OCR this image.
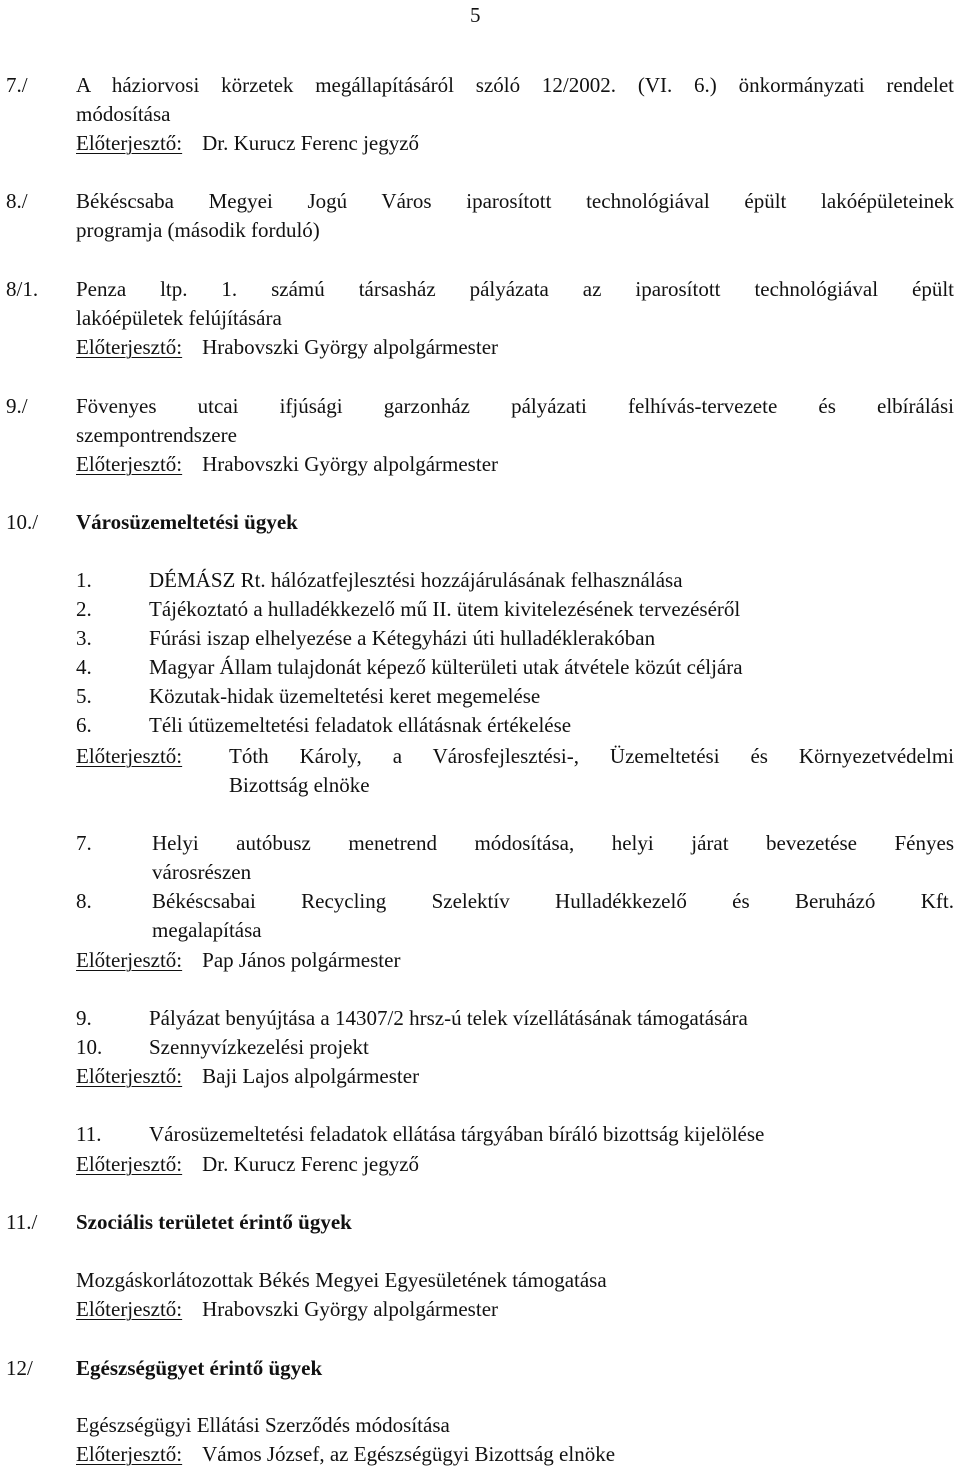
5
7./ A háziorvosi körzetek megállapításáról szóló 12/2002. (VI. 6.) önkormányzati rendelet
módosítása
Előterjesztő: Dr. Kurucz Ferenc jegyző
8./ Békéscsaba Megyei Jogú Város iparosított technológiával épült lakóépületeinek
programja (második forduló)
8/1. Penza ltp. 1. számú társasház pályázata az iparosított technológiával épült
lakóépületek felújítására
Előterjesztő: Hrabovszki György alpolgármester
9./ Fövenyes utcai ifjúsági garzonház pályázati felhívás-tervezete és elbírálási
szempontrendszere
Előterjesztő: Hrabovszki György alpolgármester
10./ Városüzemeltetési ügyek
1.	DÉMÁSZ Rt. hálózatfejlesztési hozzájárulásának felhasználása
2.	Tájékoztató a hulladékkezelő mű II. ütem kivitelezésének tervezéséről
3.	Fúrási iszap elhelyezése a Kétegyházi úti hulladéklerakóban
4.	Magyar Állam tulajdonát képező külterületi utak átvétele közút céljára
5.	Közutak-hidak üzemeltetési keret megemelése
6.	Téli útüzemeltetési feladatok ellátásnak értékelése
Előterjesztő: Tóth Károly, a Városfejlesztési-, Üzemeltetési és Környezetvédelmi
Bizottság elnöke
7.	Helyi autóbusz menetrend módosítása, helyi járat bevezetése Fényes
városrészen
8.	Békéscsabai Recycling Szelektív Hulladékkezelő és Beruházó Kft.
megalapítása
Előterjesztő: Pap János polgármester
9.	Pályázat benyújtása a 14307/2 hrsz-ú telek vízellátásának támogatására
10. Szennyvízkezelési projekt
Előterjesztő: Baji Lajos alpolgármester
11. Városüzemeltetési feladatok ellátása tárgyában bíráló bizottság kijelölése
Előterjesztő: Dr. Kurucz Ferenc jegyző
11./ Szociális területet érintő ügyek
Mozgáskorlátozottak Békés Megyei Egyesületének támogatása
Előterjesztő: Hrabovszki György alpolgármester
12/ Egészségügyet érintő ügyek
Egészségügyi Ellátási Szerződés módosítása
Előterjesztő: Vámos József, az Egészségügyi Bizottság elnöke
